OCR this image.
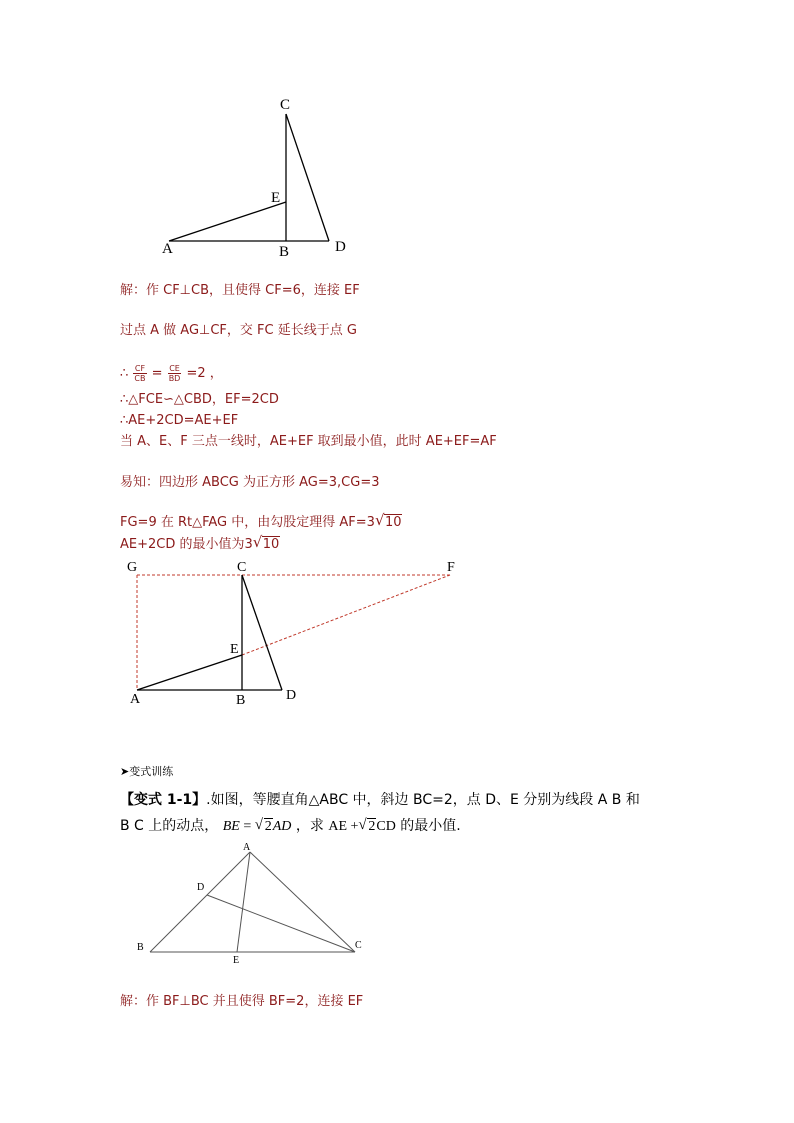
C
E
A	B	D
解：作 CF⊥CB，且使得 CF=6，连接 EF
过点 A 做 AG⊥CF，交 FC 延长线于点 G
∴ $\frac{CF}{CB} = \frac{CE}{BD} =2$ ，
∴△FCE∽△CBD，EF=2CD
∴AE+2CD=AE+EF
当 A、E、F 三点一线时，AE+EF 取到最小值，此时 AE+EF=AF
易知：四边形 ABCG 为正方形 AG=3,CG=3
FG=9 在 Rt△FAG 中，由勾股定理得 AF=3 √ 10
AE+2CD 的最小值为3 √ 10
G	C	F
E
A	B	D
➤变式训练
【变式 1-1】.如图，等腰直角△ABC 中，斜边 BC=2，点 D、E 分别为线段 A B 和
B C 上的动点， BE = √ 2AD ，求 AE + √ 2CD 的最小值.
A
D
B
E
C
解：作 BF⊥BC 并且使得 BF=2，连接 EF
